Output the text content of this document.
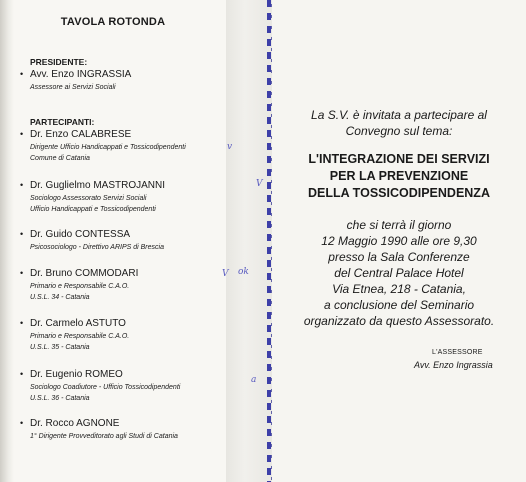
TAVOLA ROTONDA
PRESIDENTE:
• Avv. Enzo INGRASSIA
Assessore ai Servizi Sociali
PARTECIPANTI:
• Dr. Enzo CALABRESE
Dirigente Ufficio Handicappati e Tossicodipendenti
Comune di Catania
• Dr. Guglielmo MASTROJANNI
Sociologo Assessorato Servizi Sociali
Ufficio Handicappati e Tossicodipendenti
• Dr. Guido CONTESSA
Psicosociologo - Direttivo ARIPS di Brescia
• Dr. Bruno COMMODARI
Primario e Responsabile C.A.O.
U.S.L. 34 - Catania
• Dr. Carmelo ASTUTO
Primario e Responsabile C.A.O.
U.S.L. 35 - Catania
• Dr. Eugenio ROMEO
Sociologo Coadiutore - Ufficio Tossicodipendenti
U.S.L. 36 - Catania
• Dr. Rocco AGNONE
1° Dirigente Provveditorato agli Studi di Catania
v
V
V ok
a
La S.V. è invitata a partecipare al
Convegno sul tema:
L'INTEGRAZIONE DEI SERVIZI
PER LA PREVENZIONE
DELLA TOSSICODIPENDENZA
che si terrà il giorno
12 Maggio 1990 alle ore 9,30
presso la Sala Conferenze
del Central Palace Hotel
Via Etnea, 218 - Catania,
a conclusione del Seminario
organizzato da questo Assessorato.
L'ASSESSORE
Avv. Enzo Ingrassia
